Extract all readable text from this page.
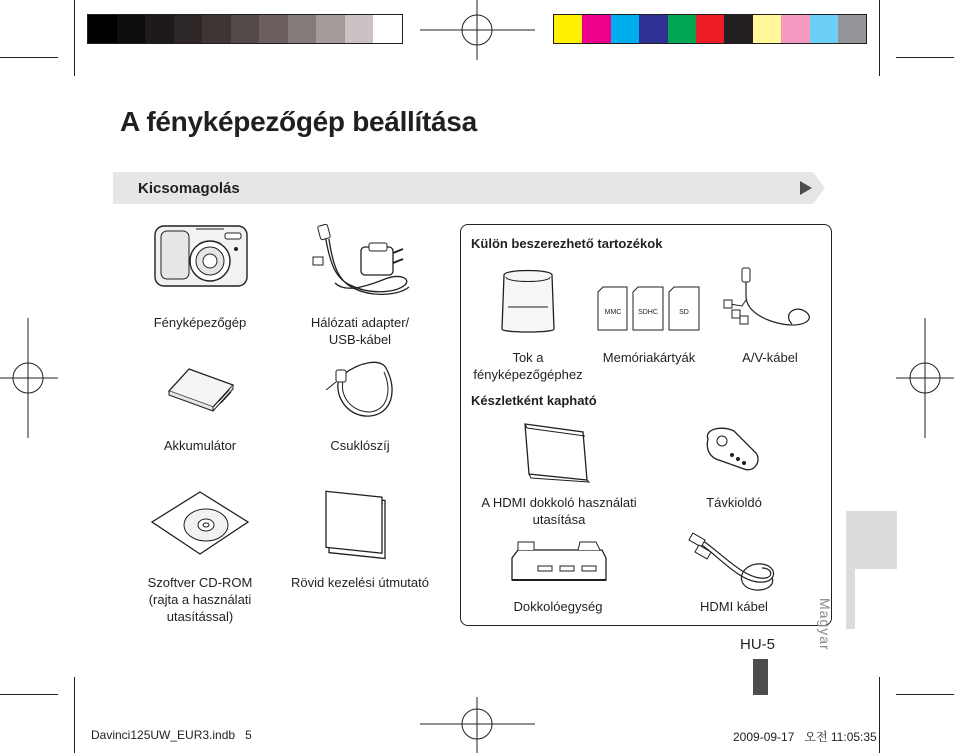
A fényképezőgép beállítása
Kicsomagolás
Fényképezőgép	Hálózati adapter/
USB-kábel
Akkumulátor	Csuklószíj
Szoftver CD-ROM
(rajta a használati
utasítással)
Rövid kezelési útmutató
Külön beszerezhető tartozékok
MMC SDHC	SD
Tok a
fényképezőgéphez
Memóriakártyák	A/V-kábel
Készletként kapható
A HDMI dokkoló használati
utasítása
Távkioldó
Dokkolóegység	HDMI kábel	Magyar
HU-5
Davinci125UW_EUR3.indb   5	2009-09-17   오전 11:05:35
